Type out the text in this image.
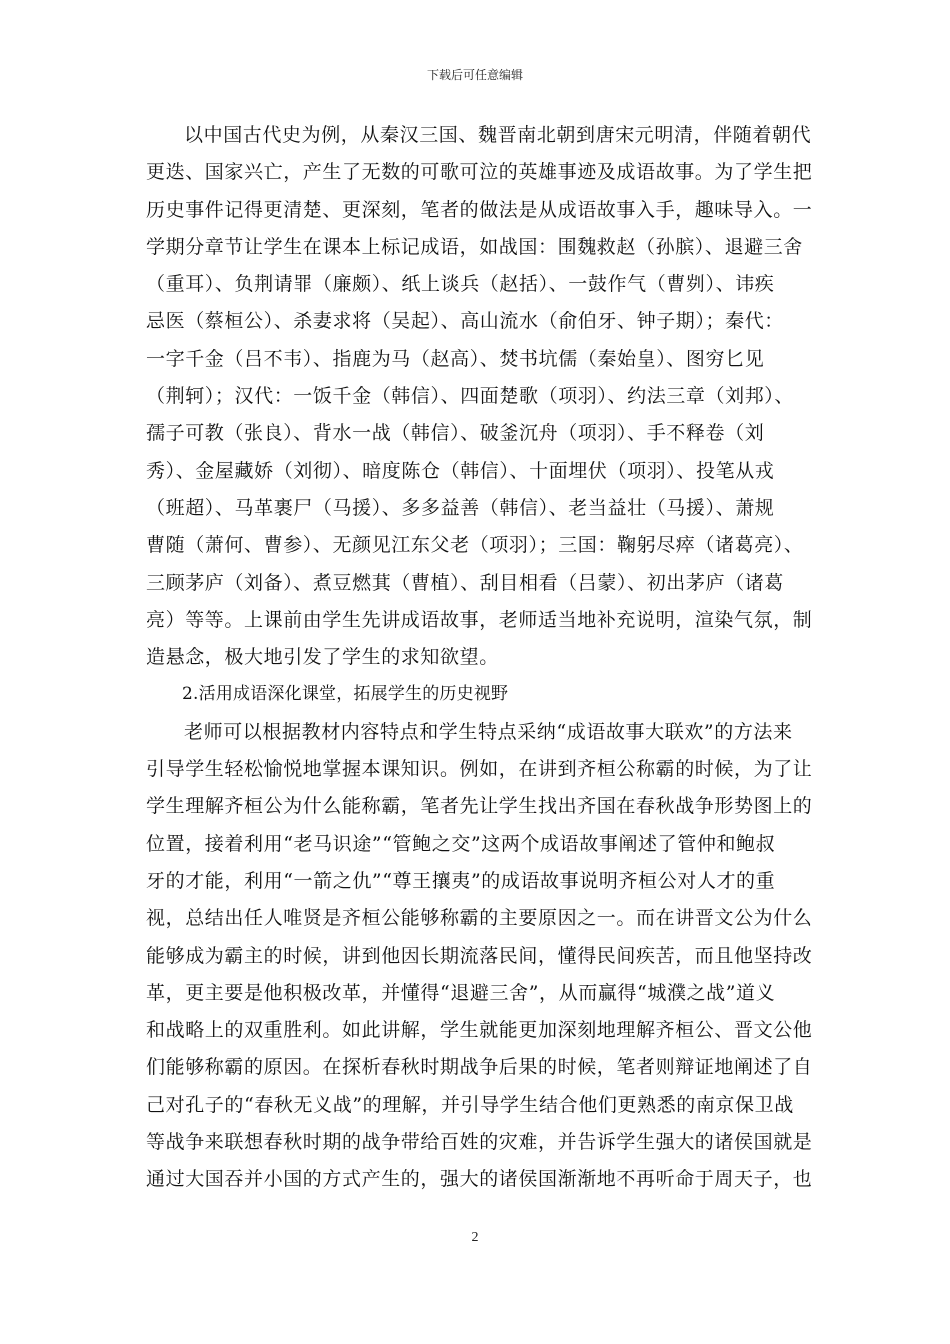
下载后可任意编辑
以中国古代史为例，从秦汉三国、魏晋南北朝到唐宋元明清，伴随着朝代
更迭、国家兴亡，产生了无数的可歌可泣的英雄事迹及成语故事。为了学生把
历史事件记得更清楚、更深刻，笔者的做法是从成语故事入手，趣味导入。一
学期分章节让学生在课本上标记成语，如战国：围魏救赵（孙膑）、退避三舍
（重耳）、负荆请罪（廉颇）、纸上谈兵（赵括）、一鼓作气（曹刿）、讳疾
忌医（蔡桓公）、杀妻求将（吴起）、高山流水（俞伯牙、钟子期）；秦代：
一字千金（吕不韦）、指鹿为马（赵高）、焚书坑儒（秦始皇）、图穷匕见
（荆轲）；汉代：一饭千金（韩信）、四面楚歌（项羽）、约法三章（刘邦）、
孺子可教（张良）、背水一战（韩信）、破釜沉舟（项羽）、手不释卷（刘
秀）、金屋藏娇（刘彻）、暗度陈仓（韩信）、十面埋伏（项羽）、投笔从戎
（班超）、马革裹尸（马援）、多多益善（韩信）、老当益壮（马援）、萧规
曹随（萧何、曹参）、无颜见江东父老（项羽）；三国：鞠躬尽瘁（诸葛亮）、
三顾茅庐（刘备）、煮豆燃萁（曹植）、刮目相看（吕蒙）、初出茅庐（诸葛
亮）等等。上课前由学生先讲成语故事，老师适当地补充说明，渲染气氛，制
造悬念，极大地引发了学生的求知欲望。
2.活用成语深化课堂，拓展学生的历史视野
老师可以根据教材内容特点和学生特点采纳“成语故事大联欢”的方法来
引导学生轻松愉悦地掌握本课知识。例如，在讲到齐桓公称霸的时候，为了让
学生理解齐桓公为什么能称霸，笔者先让学生找出齐国在春秋战争形势图上的
位置，接着利用“老马识途”“管鲍之交”这两个成语故事阐述了管仲和鲍叔
牙的才能，利用“一箭之仇”“尊王攘夷”的成语故事说明齐桓公对人才的重
视，总结出任人唯贤是齐桓公能够称霸的主要原因之一。而在讲晋文公为什么
能够成为霸主的时候，讲到他因长期流落民间，懂得民间疾苦，而且他坚持改
革，更主要是他积极改革，并懂得“退避三舍”，从而赢得“城濮之战”道义
和战略上的双重胜利。如此讲解，学生就能更加深刻地理解齐桓公、晋文公他
们能够称霸的原因。在探析春秋时期战争后果的时候，笔者则辩证地阐述了自
己对孔子的“春秋无义战”的理解，并引导学生结合他们更熟悉的南京保卫战
等战争来联想春秋时期的战争带给百姓的灾难，并告诉学生强大的诸侯国就是
通过大国吞并小国的方式产生的，强大的诸侯国渐渐地不再听命于周天子，也
2
